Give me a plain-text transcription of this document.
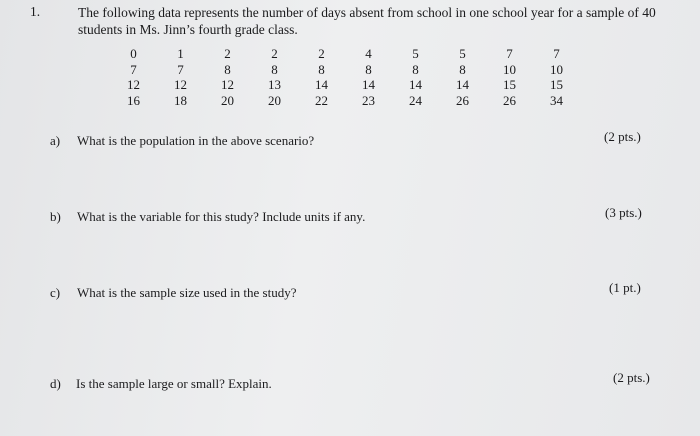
1.	The following data represents the number of days absent from school in one school year for a sample of 40
students in Ms. Jinn’s fourth grade class.
0	1	2	2	2	4	5	5	7	7
7	7	8	8	8	8	8	8	10	10
12	12	12	13	14	14	14	14	15	15
16	18	20	20	22	23	24	26	26	34
a) What is the population in the above scenario?	(2 pts.)
b) What is the variable for this study? Include units if any.	(3 pts.)
c) What is the sample size used in the study?	(1 pt.)
d) Is the sample large or small? Explain.	(2 pts.)
